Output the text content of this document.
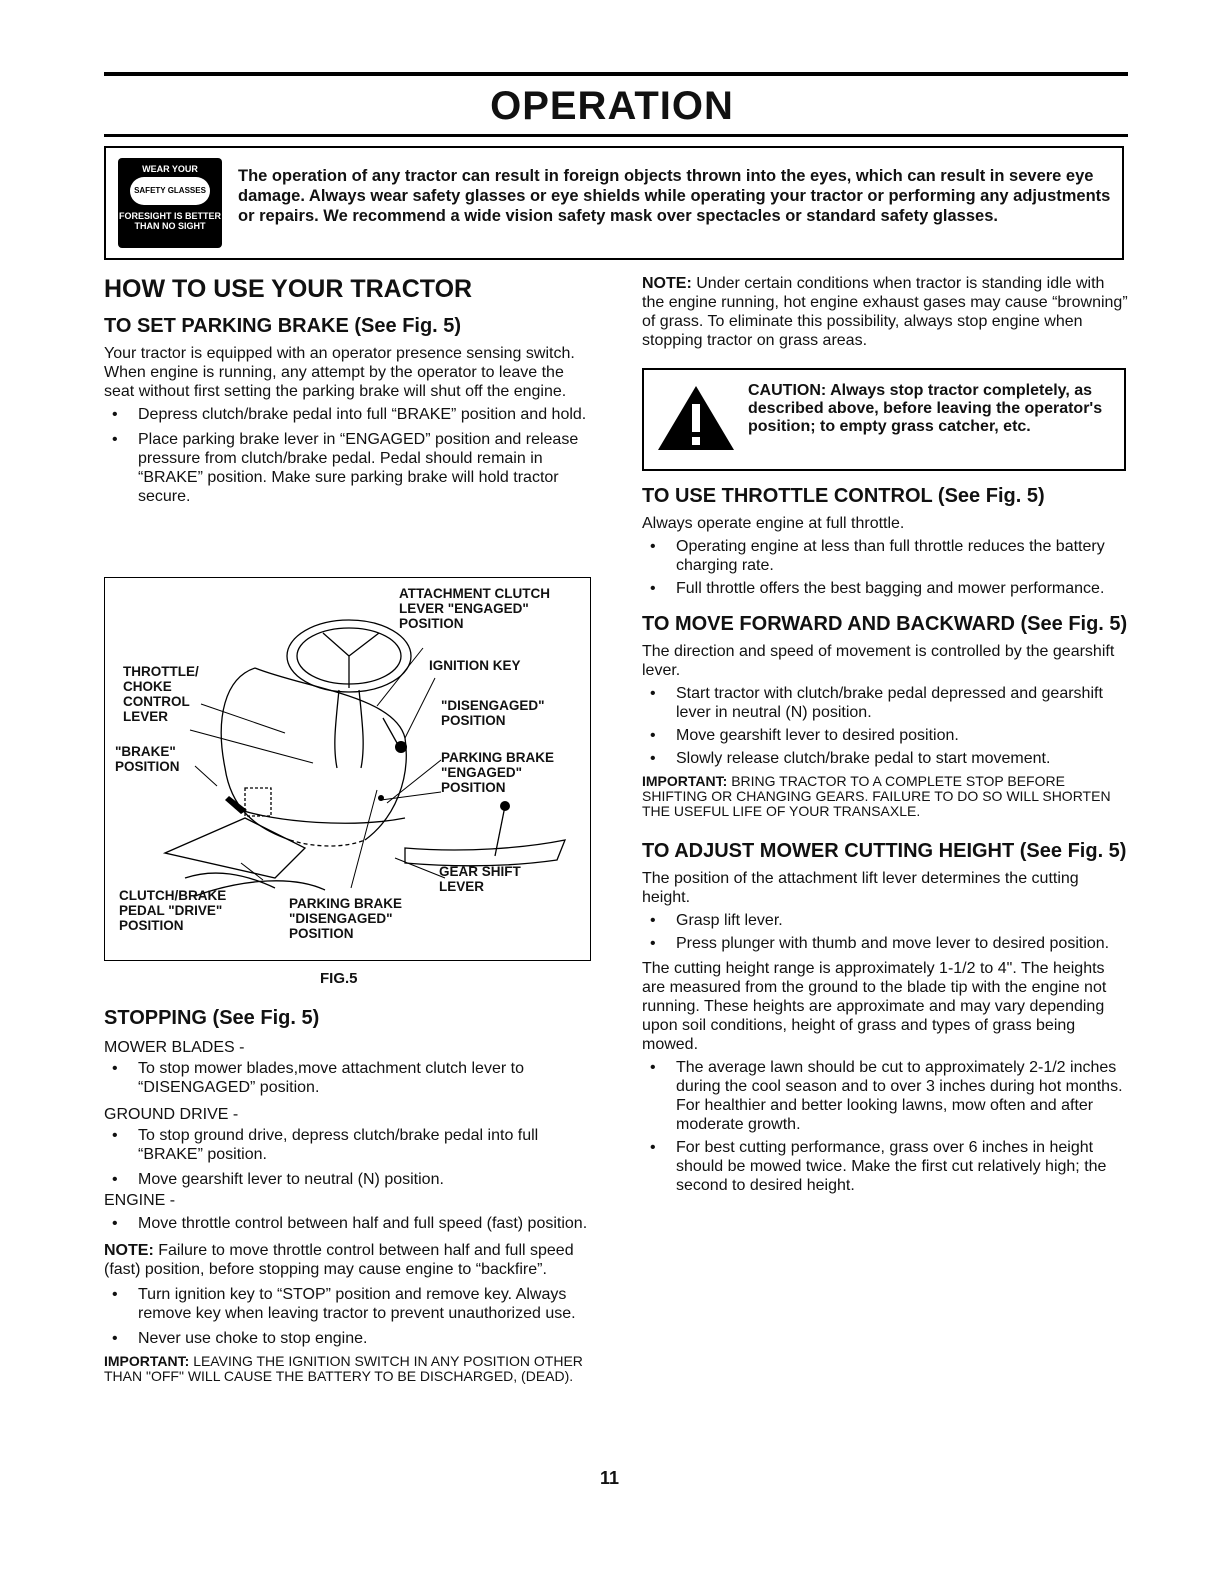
OPERATION
WEAR YOUR
SAFETY GLASSES
FORESIGHT IS BETTER
THAN NO SIGHT
The operation of any tractor can result in foreign objects thrown into the eyes, which can result in severe eye damage. Always wear safety glasses or eye shields while operating your tractor or performing any adjustments or repairs. We recommend a wide vision safety mask over spectacles or standard safety glasses.
HOW TO USE YOUR TRACTOR
TO SET PARKING BRAKE (See Fig. 5)
Your tractor is equipped with an operator presence sensing switch. When engine is running, any attempt by the operator to leave the seat without first setting the parking brake will shut off the engine.
• Depress clutch/brake pedal into full “BRAKE” position and hold.
• Place parking brake lever in “ENGAGED” position and release pressure from clutch/brake pedal. Pedal should remain in “BRAKE” position. Make sure parking brake will hold tractor secure.
ATTACHMENT CLUTCH
LEVER "ENGAGED"
POSITION
IGNITION KEY
THROTTLE/
CHOKE
CONTROL
LEVER
"DISENGAGED"
POSITION
PARKING BRAKE
"ENGAGED"
POSITION
"BRAKE"
POSITION
GEAR SHIFT
LEVER
CLUTCH/BRAKE
PEDAL "DRIVE"
POSITION
PARKING BRAKE
"DISENGAGED"
POSITION
FIG.5
STOPPING (See Fig. 5)
MOWER BLADES -
• To stop mower blades,move attachment clutch lever to “DISENGAGED” position.
GROUND DRIVE -
• To stop ground drive, depress clutch/brake pedal into full “BRAKE” position.
• Move gearshift lever to neutral (N) position.
ENGINE -
• Move throttle control between half and full speed (fast) position.
NOTE: Failure to move throttle control between half and full speed (fast) position, before stopping may cause engine to “backfire”.
• Turn ignition key to “STOP” position and remove key. Always remove key when leaving tractor to prevent unauthorized use.
• Never use choke to stop engine.
IMPORTANT: LEAVING THE IGNITION SWITCH IN ANY POSITION OTHER THAN "OFF" WILL CAUSE THE BATTERY TO BE DISCHARGED, (DEAD).
NOTE: Under certain conditions when tractor is standing idle with the engine running, hot engine exhaust gases may cause “browning” of grass. To eliminate this possibility, always stop engine when stopping tractor on grass areas.
CAUTION: Always stop tractor completely, as described above, before leaving the operator's position; to empty grass catcher, etc.
TO USE THROTTLE CONTROL (See Fig. 5)
Always operate engine at full throttle.
• Operating engine at less than full throttle reduces the battery charging rate.
• Full throttle offers the best bagging and mower performance.
TO MOVE FORWARD AND BACKWARD (See Fig. 5)
The direction and speed of movement is controlled by the gearshift lever.
• Start tractor with clutch/brake pedal depressed and gearshift lever in neutral (N) position.
• Move gearshift lever to desired position.
• Slowly release clutch/brake pedal to start movement.
IMPORTANT: BRING TRACTOR TO A COMPLETE STOP BEFORE SHIFTING OR CHANGING GEARS. FAILURE TO DO SO WILL SHORTEN THE USEFUL LIFE OF YOUR TRANSAXLE.
TO ADJUST MOWER CUTTING HEIGHT (See Fig. 5)
The position of the attachment lift lever determines the cutting height.
• Grasp lift lever.
• Press plunger with thumb and move lever to desired position.
The cutting height range is approximately 1-1/2 to 4". The heights are measured from the ground to the blade tip with the engine not running. These heights are approximate and may vary depending upon soil conditions, height of grass and types of grass being mowed.
• The average lawn should be cut to approximately 2-1/2 inches during the cool season and to over 3 inches during hot months. For healthier and better looking lawns, mow often and after moderate growth.
• For best cutting performance, grass over 6 inches in height should be mowed twice. Make the first cut relatively high; the second to desired height.
11
